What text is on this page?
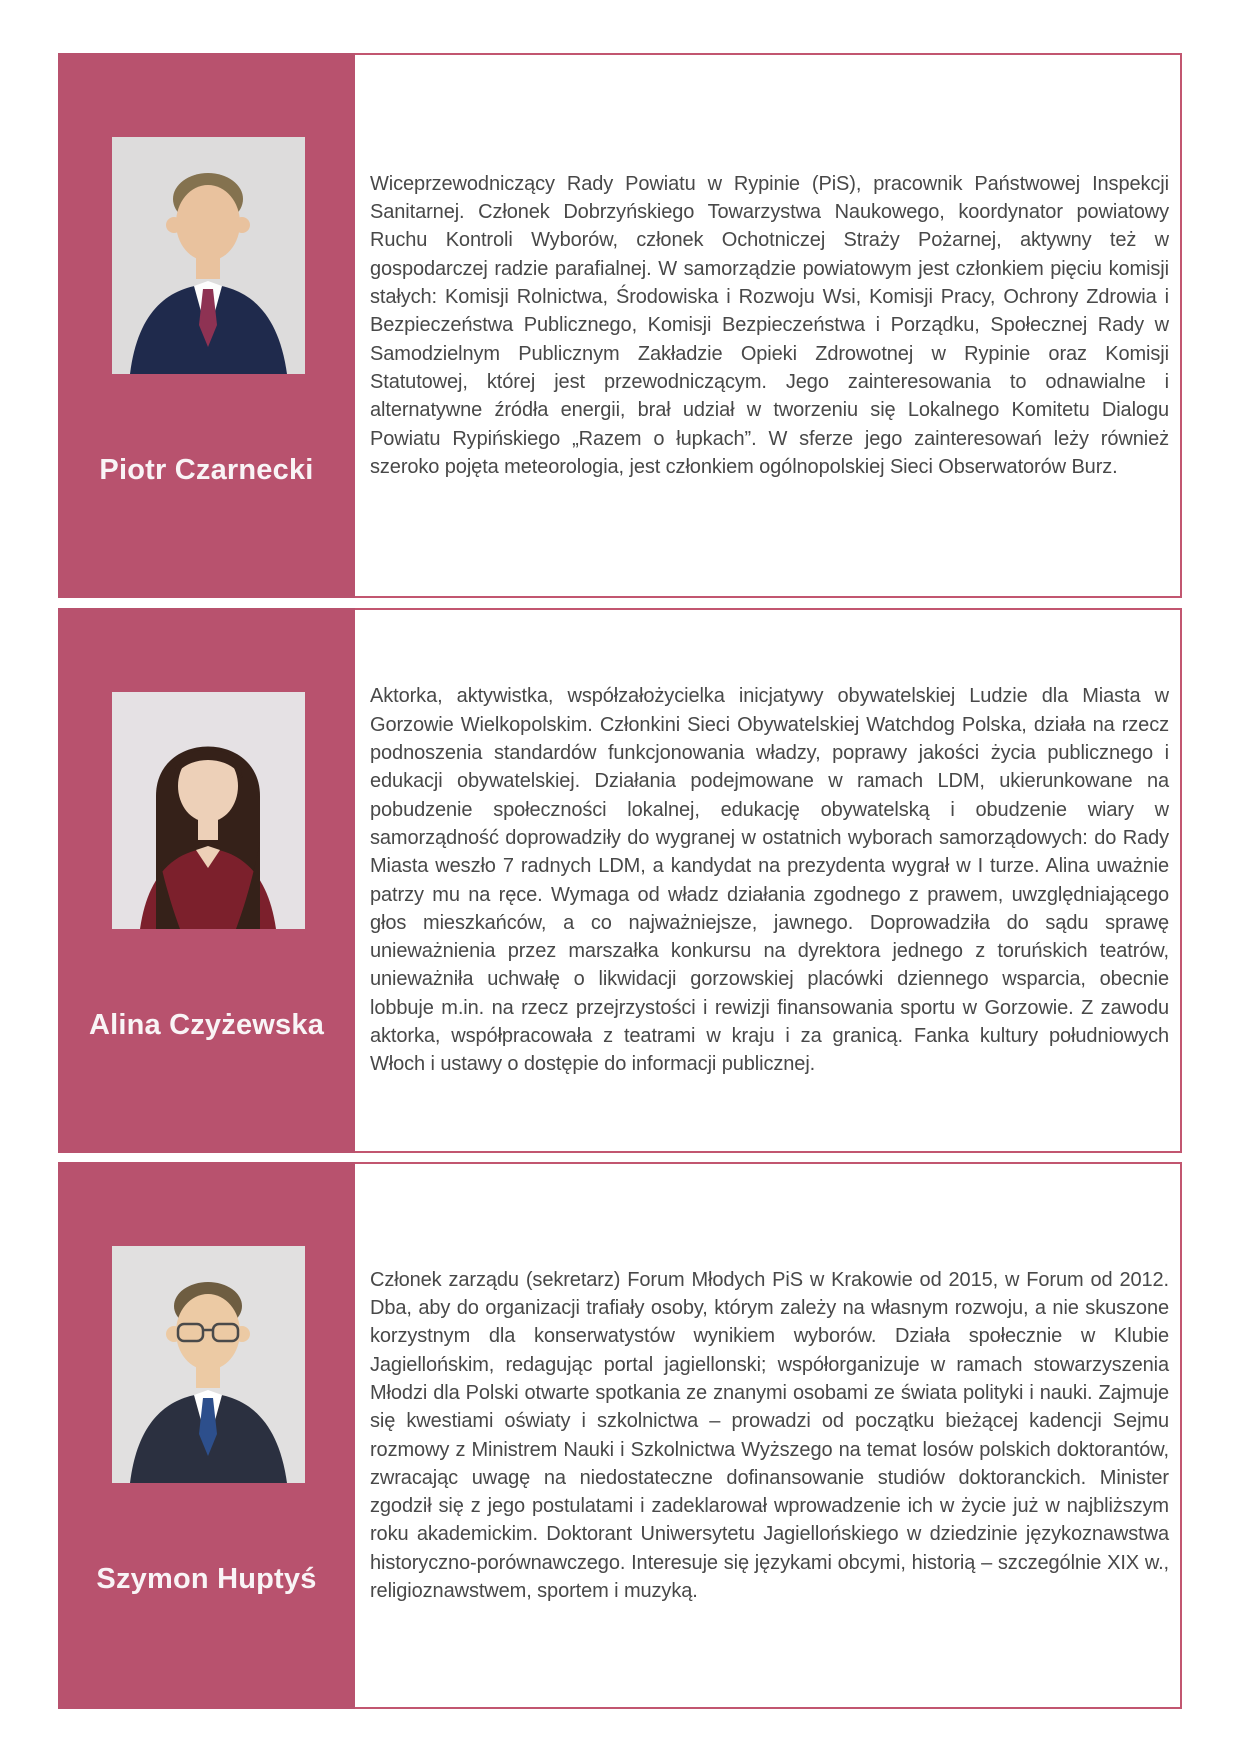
Piotr Czarnecki

Wiceprzewodniczący Rady Powiatu w Rypinie (PiS), pracownik Państwowej Inspekcji Sanitarnej. Członek Dobrzyńskiego Towarzystwa Naukowego, koordynator powiatowy Ruchu Kontroli Wyborów, członek Ochotniczej Straży Pożarnej, aktywny też w gospodarczej radzie parafialnej. W samorządzie powiatowym jest członkiem pięciu komisji stałych: Komisji Rolnictwa, Środowiska i Rozwoju Wsi, Komisji Pracy, Ochrony Zdrowia i Bezpieczeństwa Publicznego, Komisji Bezpieczeństwa i Porządku, Społecznej Rady w Samodzielnym Publicznym Zakładzie Opieki Zdrowotnej w Rypinie oraz Komisji Statutowej, której jest przewodniczącym. Jego zainteresowania to odnawialne i alternatywne źródła energii, brał udział w tworzeniu się Lokalnego Komitetu Dialogu Powiatu Rypińskiego „Razem o łupkach”. W sferze jego zainteresowań leży również szeroko pojęta meteorologia, jest członkiem ogólnopolskiej Sieci Obserwatorów Burz.

Alina Czyżewska

Aktorka, aktywistka, współzałożycielka inicjatywy obywatelskiej Ludzie dla Miasta w Gorzowie Wielkopolskim. Członkini Sieci Obywatelskiej Watchdog Polska, działa na rzecz podnoszenia standardów funkcjonowania władzy, poprawy jakości życia publicznego i edukacji obywatelskiej. Działania podejmowane w ramach LDM, ukierunkowane na pobudzenie społeczności lokalnej, edukację obywatelską i obudzenie wiary w samorządność doprowadziły do wygranej w ostatnich wyborach samorządowych: do Rady Miasta weszło 7 radnych LDM, a kandydat na prezydenta wygrał w I turze. Alina uważnie patrzy mu na ręce. Wymaga od władz działania zgodnego z prawem, uwzględniającego głos mieszkańców, a co najważniejsze, jawnego. Doprowadziła do sądu sprawę unieważnienia przez marszałka konkursu na dyrektora jednego z toruńskich teatrów, unieważniła uchwałę o likwidacji gorzowskiej placówki dziennego wsparcia, obecnie lobbuje m.in. na rzecz przejrzystości i rewizji finansowania sportu w Gorzowie. Z zawodu aktorka, współpracowała z teatrami w kraju i za granicą. Fanka kultury południowych Włoch i ustawy o dostępie do informacji publicznej.

Szymon Huptyś

Członek zarządu (sekretarz) Forum Młodych PiS w Krakowie od 2015, w Forum od 2012. Dba, aby do organizacji trafiały osoby, którym zależy na własnym rozwoju, a nie skuszone korzystnym dla konserwatystów wynikiem wyborów. Działa społecznie w Klubie Jagiellońskim, redagując portal jagiellonski; współorganizuje w ramach stowarzyszenia Młodzi dla Polski otwarte spotkania ze znanymi osobami ze świata polityki i nauki. Zajmuje się kwestiami oświaty i szkolnictwa – prowadzi od początku bieżącej kadencji Sejmu rozmowy z Ministrem Nauki i Szkolnictwa Wyższego na temat losów polskich doktorantów, zwracając uwagę na niedostateczne dofinansowanie studiów doktoranckich. Minister zgodził się z jego postulatami i zadeklarował wprowadzenie ich w życie już w najbliższym roku akademickim. Doktorant Uniwersytetu Jagiellońskiego w dziedzinie językoznawstwa historyczno-porównawczego. Interesuje się językami obcymi, historią – szczególnie XIX w., religioznawstwem, sportem i muzyką.
